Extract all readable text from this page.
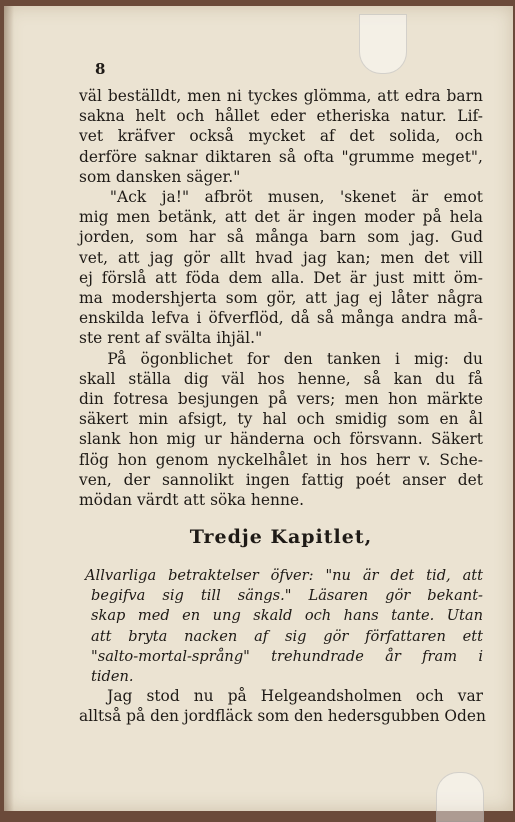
8
väl beställdt, men ni tyckes glömma, att edra barn
sakna helt och hållet eder etheriska natur. Lif-
vet kräfver också mycket af det solida, och
derföre saknar diktaren så ofta "grumme meget",
som dansken säger."
"Ack ja!" afbröt musen, 'skenet är emot
mig men betänk, att det är ingen moder på hela
jorden, som har så många barn som jag. Gud
vet, att jag gör allt hvad jag kan; men det vill
ej förslå att föda dem alla. Det är just mitt öm-
ma modershjerta som gör, att jag ej låter några
enskilda lefva i öfverflöd, då så många andra må-
ste rent af svälta ihjäl."
På ögonblichet for den tanken i mig: du
skall ställa dig väl hos henne, så kan du få
din fotresa besjungen på vers; men hon märkte
säkert min afsigt, ty hal och smidig som en ål
slank hon mig ur händerna och försvann. Säkert
flög hon genom nyckelhålet in hos herr v. Sche-
ven, der sannolikt ingen fattig poét anser det
mödan värdt att söka henne.
Tredje Kapitlet,
Allvarliga betraktelser öfver: "nu är det tid, att
begifva sig till sängs." Läsaren gör bekant-
skap med en ung skald och hans tante. Utan
att bryta nacken af sig gör författaren ett
"salto-mortal-språng" trehundrade år fram i
tiden.
Jag stod nu på Helgeandsholmen och var
alltså på den jordfläck som den hedersgubben Oden
